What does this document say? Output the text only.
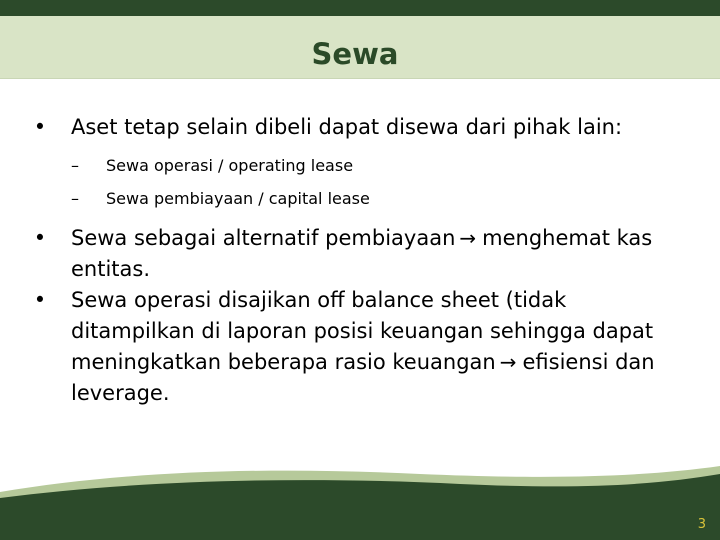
Sewa
• Aset tetap selain dibeli dapat disewa dari pihak lain:
– Sewa operasi / operating lease
– Sewa pembiayaan / capital lease
• Sewa sebagai alternatif pembiayaan → menghemat kas entitas.
• Sewa operasi disajikan off balance sheet (tidak ditampilkan di laporan posisi keuangan sehingga dapat meningkatkan beberapa rasio keuangan → efisiensi dan leverage.
3
